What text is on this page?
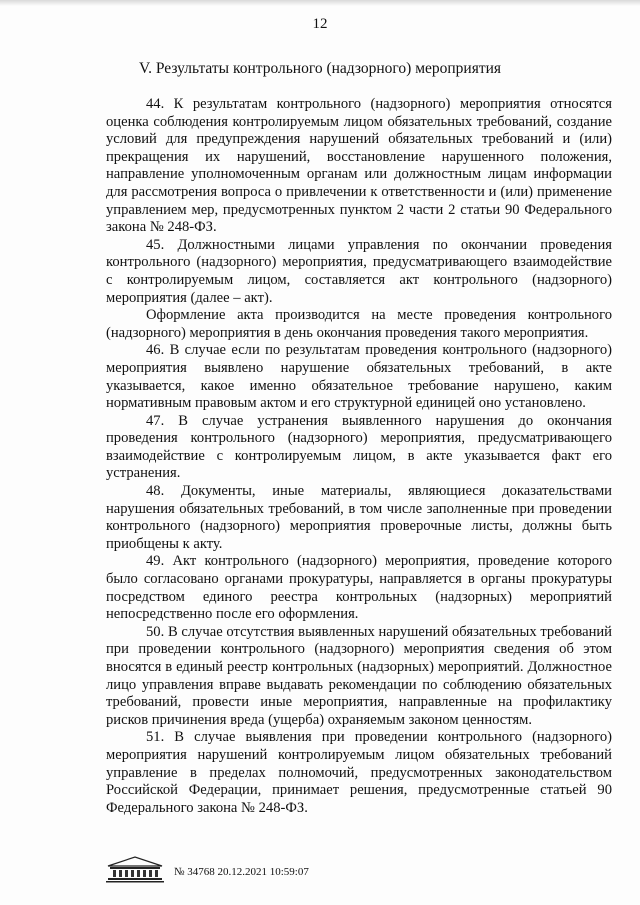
12
V. Результаты контрольного (надзорного) мероприятия

44. К результатам контрольного (надзорного) мероприятия относятся оценка соблюдения контролируемым лицом обязательных требований, создание условий для предупреждения нарушений обязательных требований и (или) прекращения их нарушений, восстановление нарушенного положения, направление уполномоченным органам или должностным лицам информации для рассмотрения вопроса о привлечении к ответственности и (или) применение управлением мер, предусмотренных пунктом 2 части 2 статьи 90 Федерального закона № 248-ФЗ.

45. Должностными лицами управления по окончании проведения контрольного (надзорного) мероприятия, предусматривающего взаимодействие с контролируемым лицом, составляется акт контрольного (надзорного) мероприятия (далее – акт).

Оформление акта производится на месте проведения контрольного (надзорного) мероприятия в день окончания проведения такого мероприятия.

46. В случае если по результатам проведения контрольного (надзорного) мероприятия выявлено нарушение обязательных требований, в акте указывается, какое именно обязательное требование нарушено, каким нормативным правовым актом и его структурной единицей оно установлено.

47. В случае устранения выявленного нарушения до окончания проведения контрольного (надзорного) мероприятия, предусматривающего взаимодействие с контролируемым лицом, в акте указывается факт его устранения.

48. Документы, иные материалы, являющиеся доказательствами нарушения обязательных требований, в том числе заполненные при проведении контрольного (надзорного) мероприятия проверочные листы, должны быть приобщены к акту.

49. Акт контрольного (надзорного) мероприятия, проведение которого было согласовано органами прокуратуры, направляется в органы прокуратуры посредством единого реестра контрольных (надзорных) мероприятий непосредственно после его оформления.

50. В случае отсутствия выявленных нарушений обязательных требований при проведении контрольного (надзорного) мероприятия сведения об этом вносятся в единый реестр контрольных (надзорных) мероприятий. Должностное лицо управления вправе выдавать рекомендации по соблюдению обязательных требований, провести иные мероприятия, направленные на профилактику рисков причинения вреда (ущерба) охраняемым законом ценностям.

51. В случае выявления при проведении контрольного (надзорного) мероприятия нарушений контролируемым лицом обязательных требований управление в пределах полномочий, предусмотренных законодательством Российской Федерации, принимает решения, предусмотренные статьей 90 Федерального закона № 248-ФЗ.

№ 34768 20.12.2021 10:59:07
